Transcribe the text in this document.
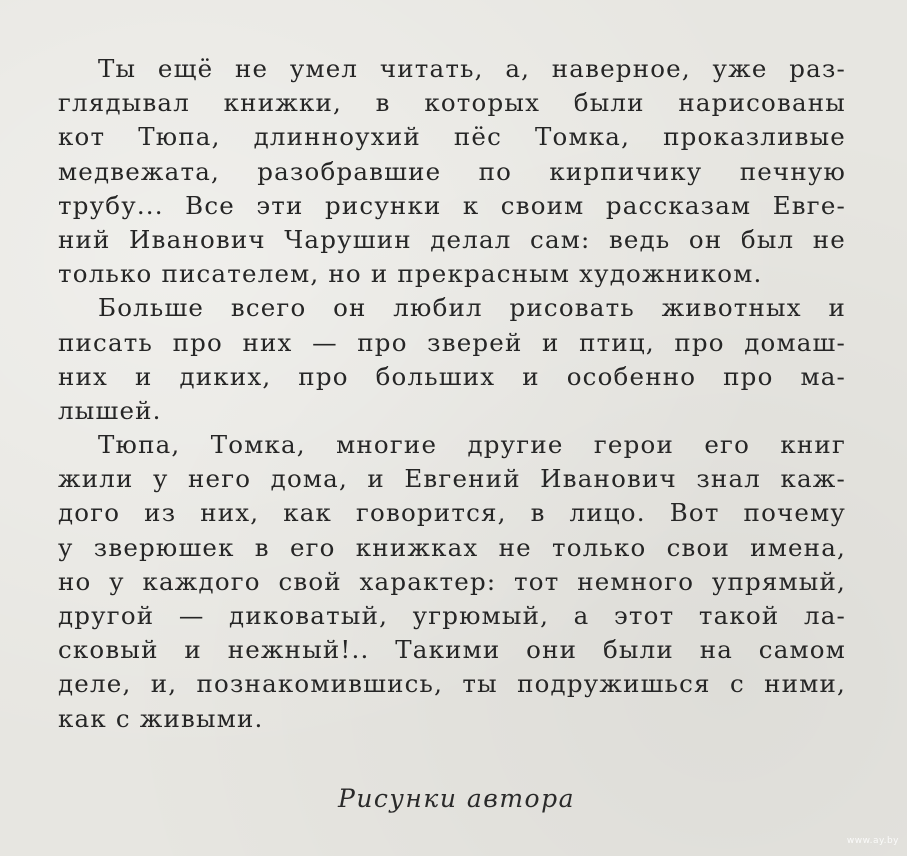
Ты ещё не умел читать, а, наверное, уже раз-
глядывал книжки, в которых были нарисованы
кот Тюпа, длинноухий пёс Томка, проказливые
медвежата, разобравшие по кирпичику печную
трубу... Все эти рисунки к своим рассказам Евге-
ний Иванович Чарушин делал сам: ведь он был не
только писателем, но и прекрасным художником.
Больше всего он любил рисовать животных и
писать про них — про зверей и птиц, про домаш-
них и диких, про больших и особенно про ма-
лышей.
Тюпа, Томка, многие другие герои его книг
жили у него дома, и Евгений Иванович знал каж-
дого из них, как говорится, в лицо. Вот почему
у зверюшек в его книжках не только свои имена,
но у каждого свой характер: тот немного упрямый,
другой — диковатый, угрюмый, а этот такой ла-
сковый и нежный!.. Такими они были на самом
деле, и, познакомившись, ты подружишься с ними,
как с живыми.
Рисунки автора
www.ay.by
